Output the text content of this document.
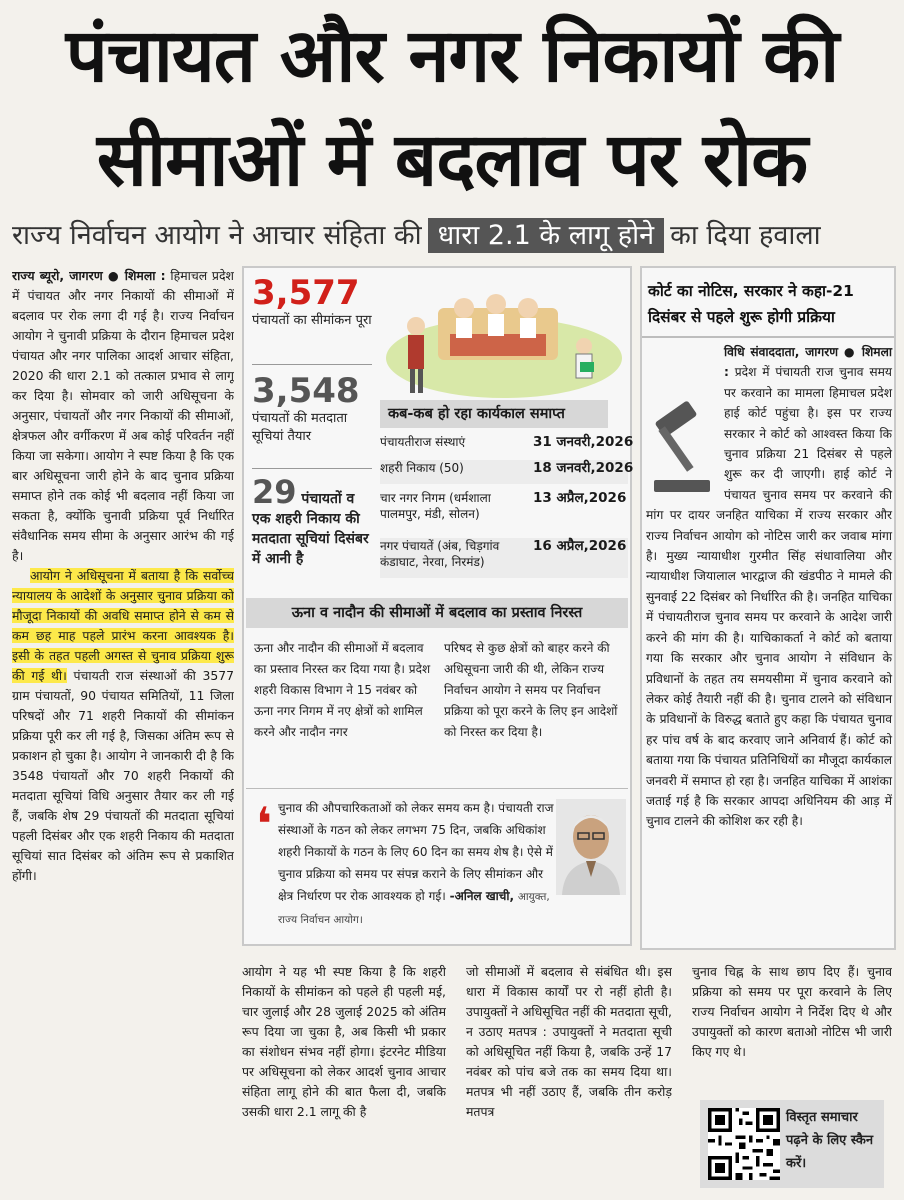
पंचायत और नगर निकायों की
सीमाओं में बदलाव पर रोक
राज्य निर्वाचन आयोग ने आचार संहिता की धारा 2.1 के लागू होने का दिया हवाला

राज्य ब्यूरो, जागरण ● शिमला : हिमाचल प्रदेश में पंचायत और नगर निकायों की सीमाओं में बदलाव पर रोक लगा दी गई है। राज्य निर्वाचन आयोग ने चुनावी प्रक्रिया के दौरान हिमाचल प्रदेश पंचायत और नगर पालिका आदर्श आचार संहिता, 2020 की धारा 2.1 को तत्काल प्रभाव से लागू कर दिया है। सोमवार को जारी अधिसूचना के अनुसार, पंचायतों और नगर निकायों की सीमाओं, क्षेत्रफल और वर्गीकरण में अब कोई परिवर्तन नहीं किया जा सकेगा। आयोग ने स्पष्ट किया है कि एक बार अधिसूचना जारी होने के बाद चुनाव प्रक्रिया समाप्त होने तक कोई भी बदलाव नहीं किया जा सकता है, क्योंकि चुनावी प्रक्रिया पूर्व निर्धारित संवैधानिक समय सीमा के अनुसार आरंभ की गई है।

आयोग ने अधिसूचना में बताया है कि सर्वोच्च न्यायालय के आदेशों के अनुसार चुनाव प्रक्रिया को मौजूदा निकायों की अवधि समाप्त होने से कम से कम छह माह पहले प्रारंभ करना आवश्यक है। इसी के तहत पहली अगस्त से चुनाव प्रक्रिया शुरू की गई थी। पंचायती राज संस्थाओं की 3577 ग्राम पंचायतों, 90 पंचायत समितियों, 11 जिला परिषदों और 71 शहरी निकायों की सीमांकन प्रक्रिया पूरी कर ली गई है, जिसका अंतिम रूप से प्रकाशन हो चुका है। आयोग ने जानकारी दी है कि 3548 पंचायतों और 70 शहरी निकायों की मतदाता सूचियां विधि अनुसार तैयार कर ली गई हैं, जबकि शेष 29 पंचायतों की मतदाता सूचियां पहली दिसंबर और एक शहरी निकाय की मतदाता सूचियां सात दिसंबर को अंतिम रूप से प्रकाशित होंगी।

3,577
पंचायतों का सीमांकन पूरा
3,548
पंचायतों की मतदाता सूचियां तैयार
29 पंचायतों व एक शहरी निकाय की मतदाता सूचियां दिसंबर में आनी है
कब-कब हो रहा कार्यकाल समाप्त
पंचायतीराज संस्थाएं	31 जनवरी,2026
शहरी निकाय (50)	18 जनवरी,2026
चार नगर निगम (धर्मशाला पालमपुर, मंडी, सोलन)
13 अप्रैल,2026
नगर पंचायतें (अंब, चिड़गांव कंडाघाट, नेरवा, निरमंड)
16 अप्रैल,2026
ऊना व नादौन की सीमाओं में बदलाव का प्रस्ताव निरस्त
ऊना और नादौन की सीमाओं में बदलाव का प्रस्ताव निरस्त कर दिया गया है। प्रदेश शहरी विकास विभाग ने 15 नवंबर को ऊना नगर निगम में नए क्षेत्रों को शामिल करने और नादौन नगर
परिषद से कुछ क्षेत्रों को बाहर करने की अधिसूचना जारी की थी, लेकिन राज्य निर्वाचन आयोग ने समय पर निर्वाचन प्रक्रिया को पूरा करने के लिए इन आदेशों को निरस्त कर दिया है।
❛ चुनाव की औपचारिकताओं को लेकर समय कम है। पंचायती राज संस्थाओं के गठन को लेकर लगभग 75 दिन, जबकि अधिकांश शहरी निकायों के गठन के लिए 60 दिन का समय शेष है। ऐसे में चुनाव प्रक्रिया को समय पर संपन्न कराने के लिए सीमांकन और क्षेत्र निर्धारण पर रोक आवश्यक हो गई। -अनिल खाची, आयुक्त, राज्य निर्वाचन आयोग।
आयोग ने यह भी स्पष्ट किया है कि शहरी निकायों के सीमांकन को पहले ही पहली मई, चार जुलाई और 28 जुलाई 2025 को अंतिम रूप दिया जा चुका है, अब किसी भी प्रकार का संशोधन संभव नहीं होगा। इंटरनेट मीडिया पर अधिसूचना को लेकर आदर्श चुनाव आचार संहिता लागू होने की बात फैला दी, जबकि उसकी धारा 2.1 लागू की है
जो सीमाओं में बदलाव से संबंधित थी। इस धारा में विकास कार्यों पर रो नहीं होती है। उपायुक्तों ने अधिसूचित नहीं की मतदाता सूची, न उठाए मतपत्र : उपायुक्तों ने मतदाता सूची को अधिसूचित नहीं किया है, जबकि उन्हें 17 नवंबर को पांच बजे तक का समय दिया था। मतपत्र भी नहीं उठाए हैं, जबकि तीन करोड़ मतपत्र
चुनाव चिह्न के साथ छाप दिए हैं। चुनाव प्रक्रिया को समय पर पूरा करवाने के लिए राज्य निर्वाचन आयोग ने निर्देश दिए थे और उपायुक्तों को कारण बताओ नोटिस भी जारी किए गए थे।
कोर्ट का नोटिस, सरकार ने कहा-21 दिसंबर से पहले शुरू होगी प्रक्रिया
विधि संवाददाता, जागरण ● शिमला : प्रदेश में पंचायती राज चुनाव समय पर करवाने का मामला हिमाचल प्रदेश हाई कोर्ट पहुंचा है। इस पर राज्य सरकार ने कोर्ट को आश्वस्त किया कि चुनाव प्रक्रिया 21 दिसंबर से पहले शुरू कर दी जाएगी। हाई कोर्ट ने पंचायत चुनाव समय पर करवाने की मांग पर दायर जनहित याचिका में राज्य सरकार और राज्य निर्वाचन आयोग को नोटिस जारी कर जवाब मांगा है। मुख्य न्यायाधीश गुरमीत सिंह संधावालिया और न्यायाधीश जियालाल भारद्वाज की खंडपीठ ने मामले की सुनवाई 22 दिसंबर को निर्धारित की है। जनहित याचिका में पंचायतीराज चुनाव समय पर करवाने के आदेश जारी करने की मांग की है। याचिकाकर्ता ने कोर्ट को बताया गया कि सरकार और चुनाव आयोग ने संविधान के प्रविधानों के तहत तय समयसीमा में चुनाव करवाने को लेकर कोई तैयारी नहीं की है। चुनाव टालने को संविधान के प्रविधानों के विरुद्ध बताते हुए कहा कि पंचायत चुनाव हर पांच वर्ष के बाद करवाए जाने अनिवार्य हैं। कोर्ट को बताया गया कि पंचायत प्रतिनिधियों का मौजूदा कार्यकाल जनवरी में समाप्त हो रहा है। जनहित याचिका में आशंका जताई गई है कि सरकार आपदा अधिनियम की आड़ में चुनाव टालने की कोशिश कर रही है।
विस्तृत समाचार पढ़ने के लिए स्कैन करें।
